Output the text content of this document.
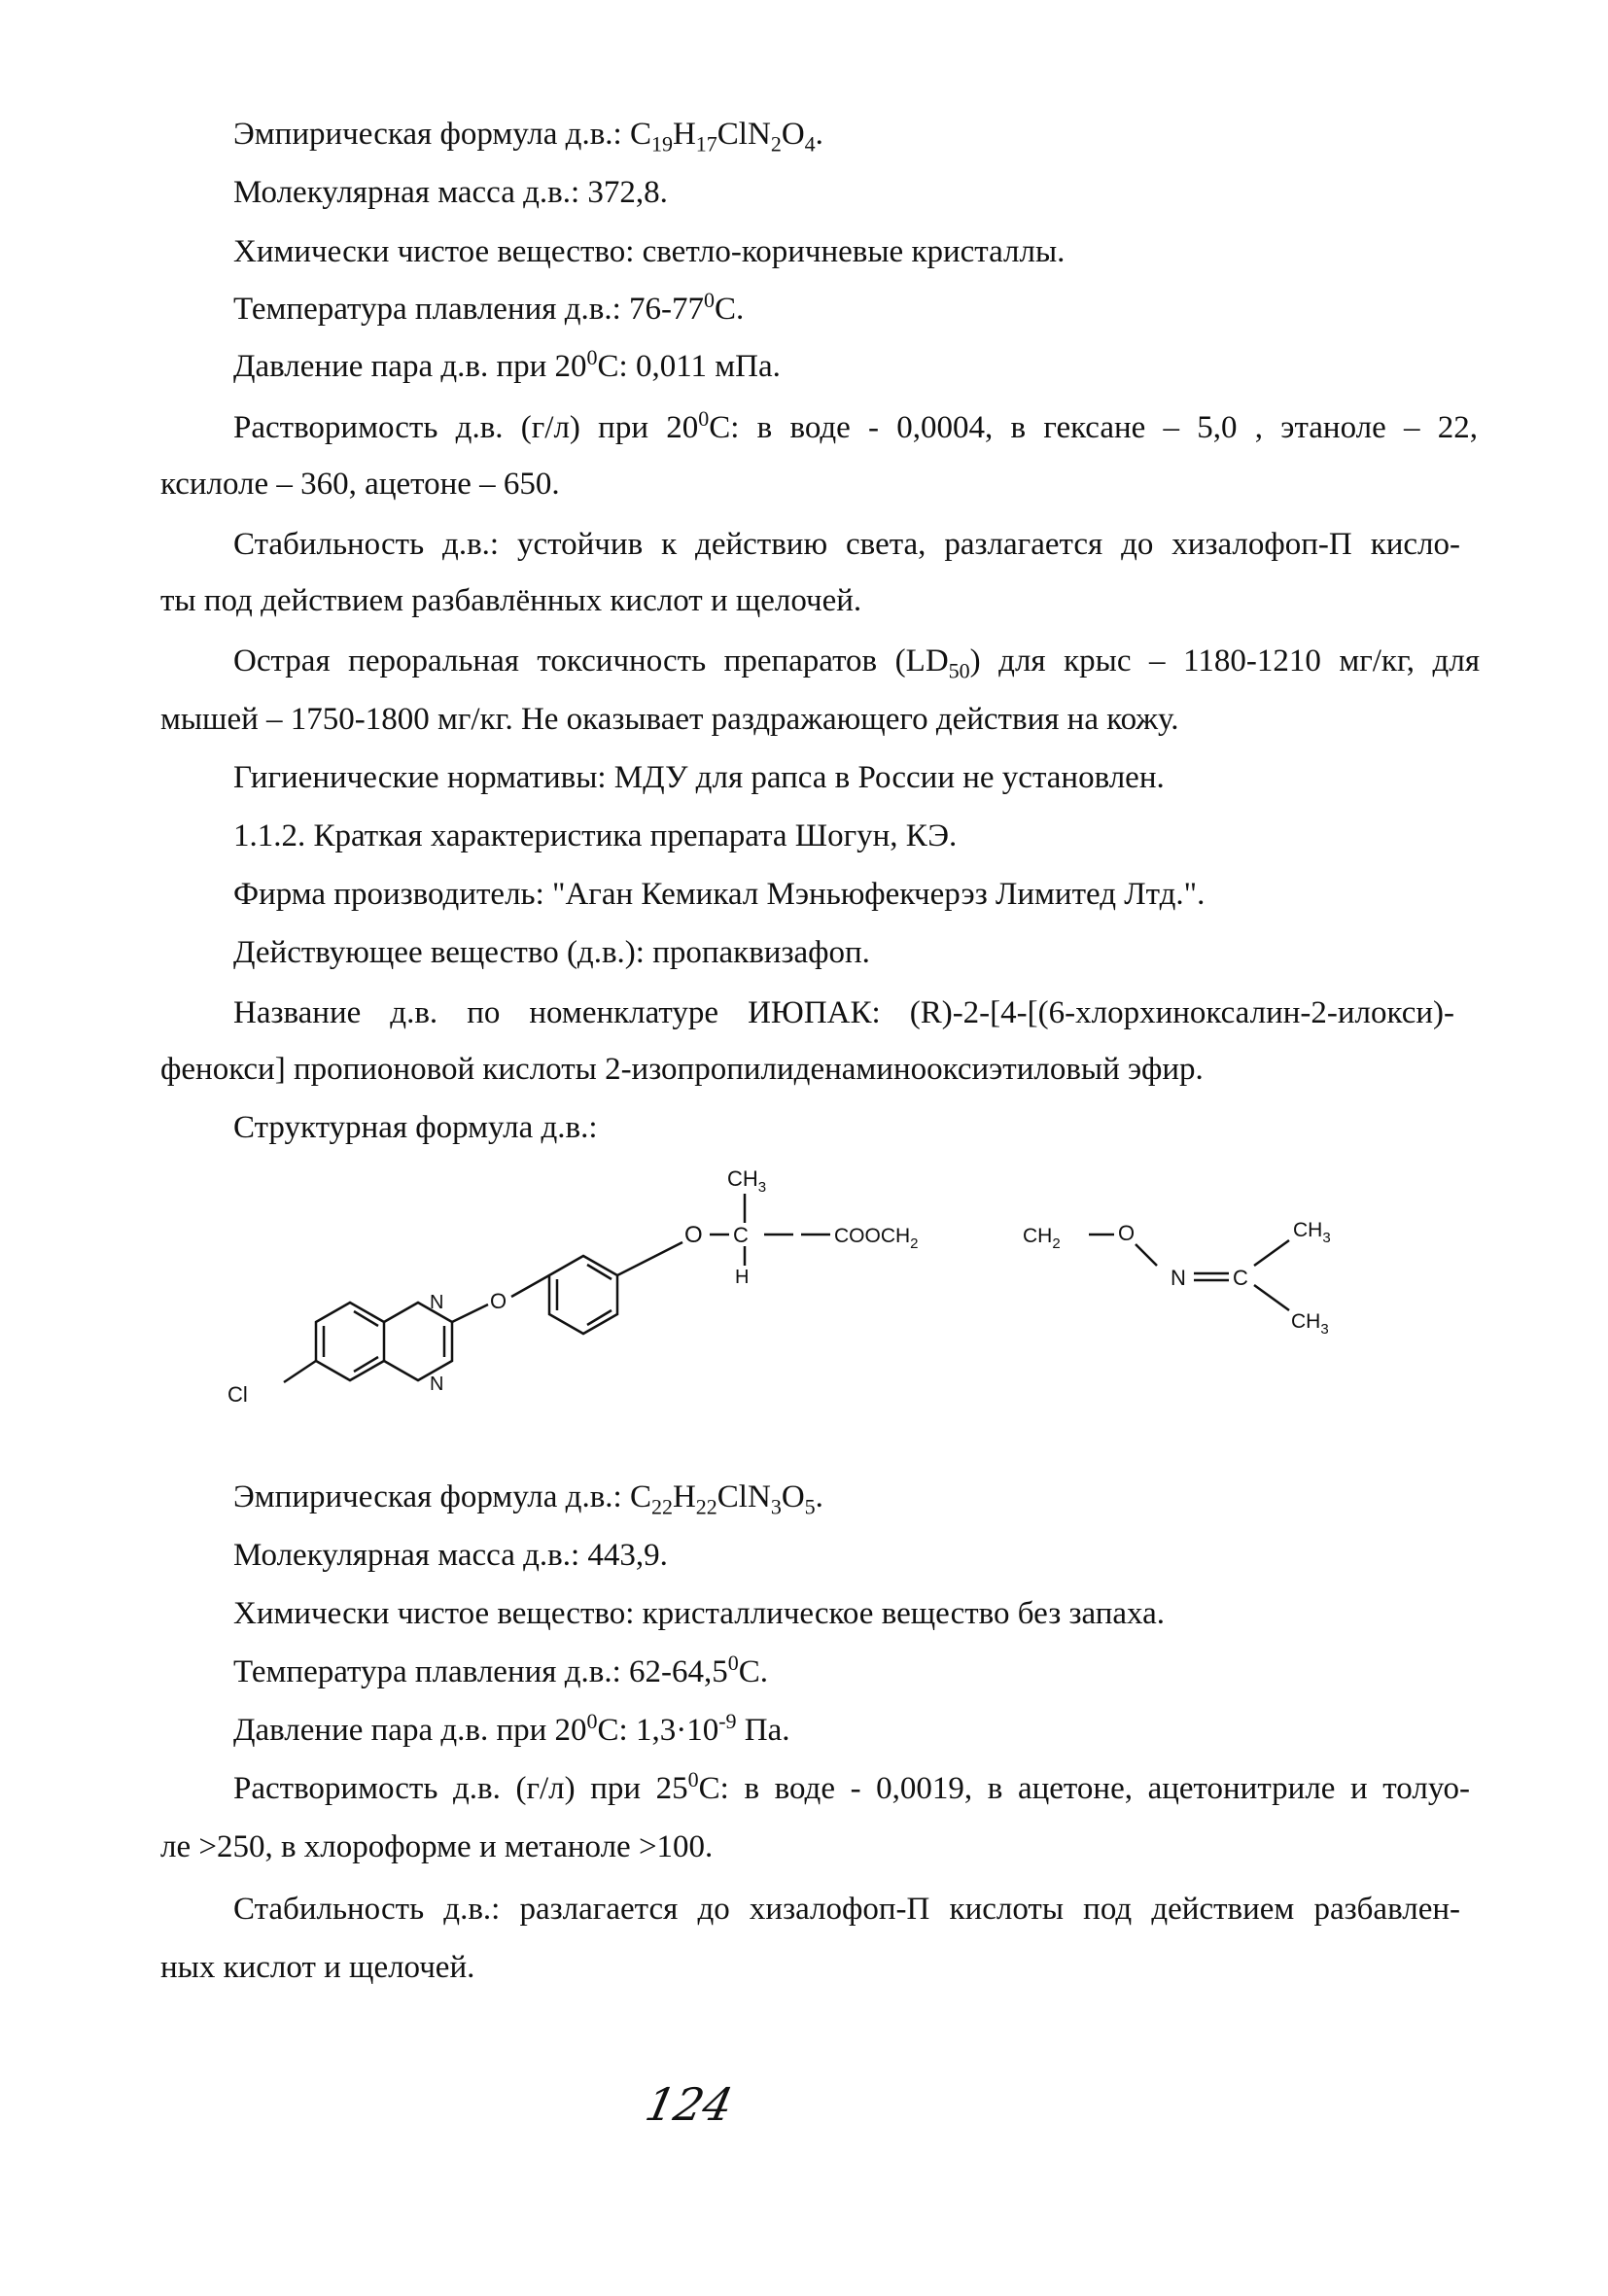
Эмпирическая формула д.в.: $C_{19}H_{17}ClN_2O_4$.
Молекулярная масса д.в.: 372,8.
Химически чистое вещество: светло-коричневые кристаллы.
Температура плавления д.в.: $76-77^0C$.
Давление пара д.в. при $20^0C$: 0,011 мПа.
Растворимость д.в. (г/л) при $20^0C$: в воде - 0,0004, в гексане – 5,0 , этаноле – 22,
ксилоле – 360, ацетоне – 650.
Стабильность д.в.: устойчив к действию света, разлагается до хизалофоп-П кисло-
ты под действием разбавлённых кислот и щелочей.
Острая пероральная токсичность препаратов $(LD_{50})$ для крыс – 1180-1210 мг/кг, для
мышей – 1750-1800 мг/кг. Не оказывает раздражающего действия на кожу.
Гигиенические нормативы: МДУ для рапса в России не установлен.
1.1.2. Краткая характеристика препарата Шогун, КЭ.
Фирма производитель: "Аган Кемикал Мэньюфекчерэз Лимитед Лтд.".
Действующее вещество (д.в.): пропаквизафоп.
Название д.в. по номенклатуре ИЮПАК: (R)-2-[4-[(6-хлорхиноксалин-2-илокси)-
фенокси] пропионовой кислоты 2-изопропилиденаминооксиэтиловый эфир.
Структурная формула д.в.:
$CH_3$
O C
H
$COOCH_2$	$CH_2$	O
N C
$CH_3$
$CH_3$
O
N
N
Cl
Эмпирическая формула д.в.: $C_{22}H_{22}ClN_3O_5$.
Молекулярная масса д.в.: 443,9.
Химически чистое вещество: кристаллическое вещество без запаха.
Температура плавления д.в.: 62-64,5$^0$C.
Давление пара д.в. при $20^0C$: $1,3\cdot 10^{-9}$ Па.
Растворимость д.в. (г/л) при $25^0C$: в воде - 0,0019, в ацетоне, ацетонитриле и толуо-
ле >250, в хлороформе и метаноле >100.
Стабильность д.в.: разлагается до хизалофоп-П кислоты под действием разбавлен-
ных кислот и щелочей.
124
